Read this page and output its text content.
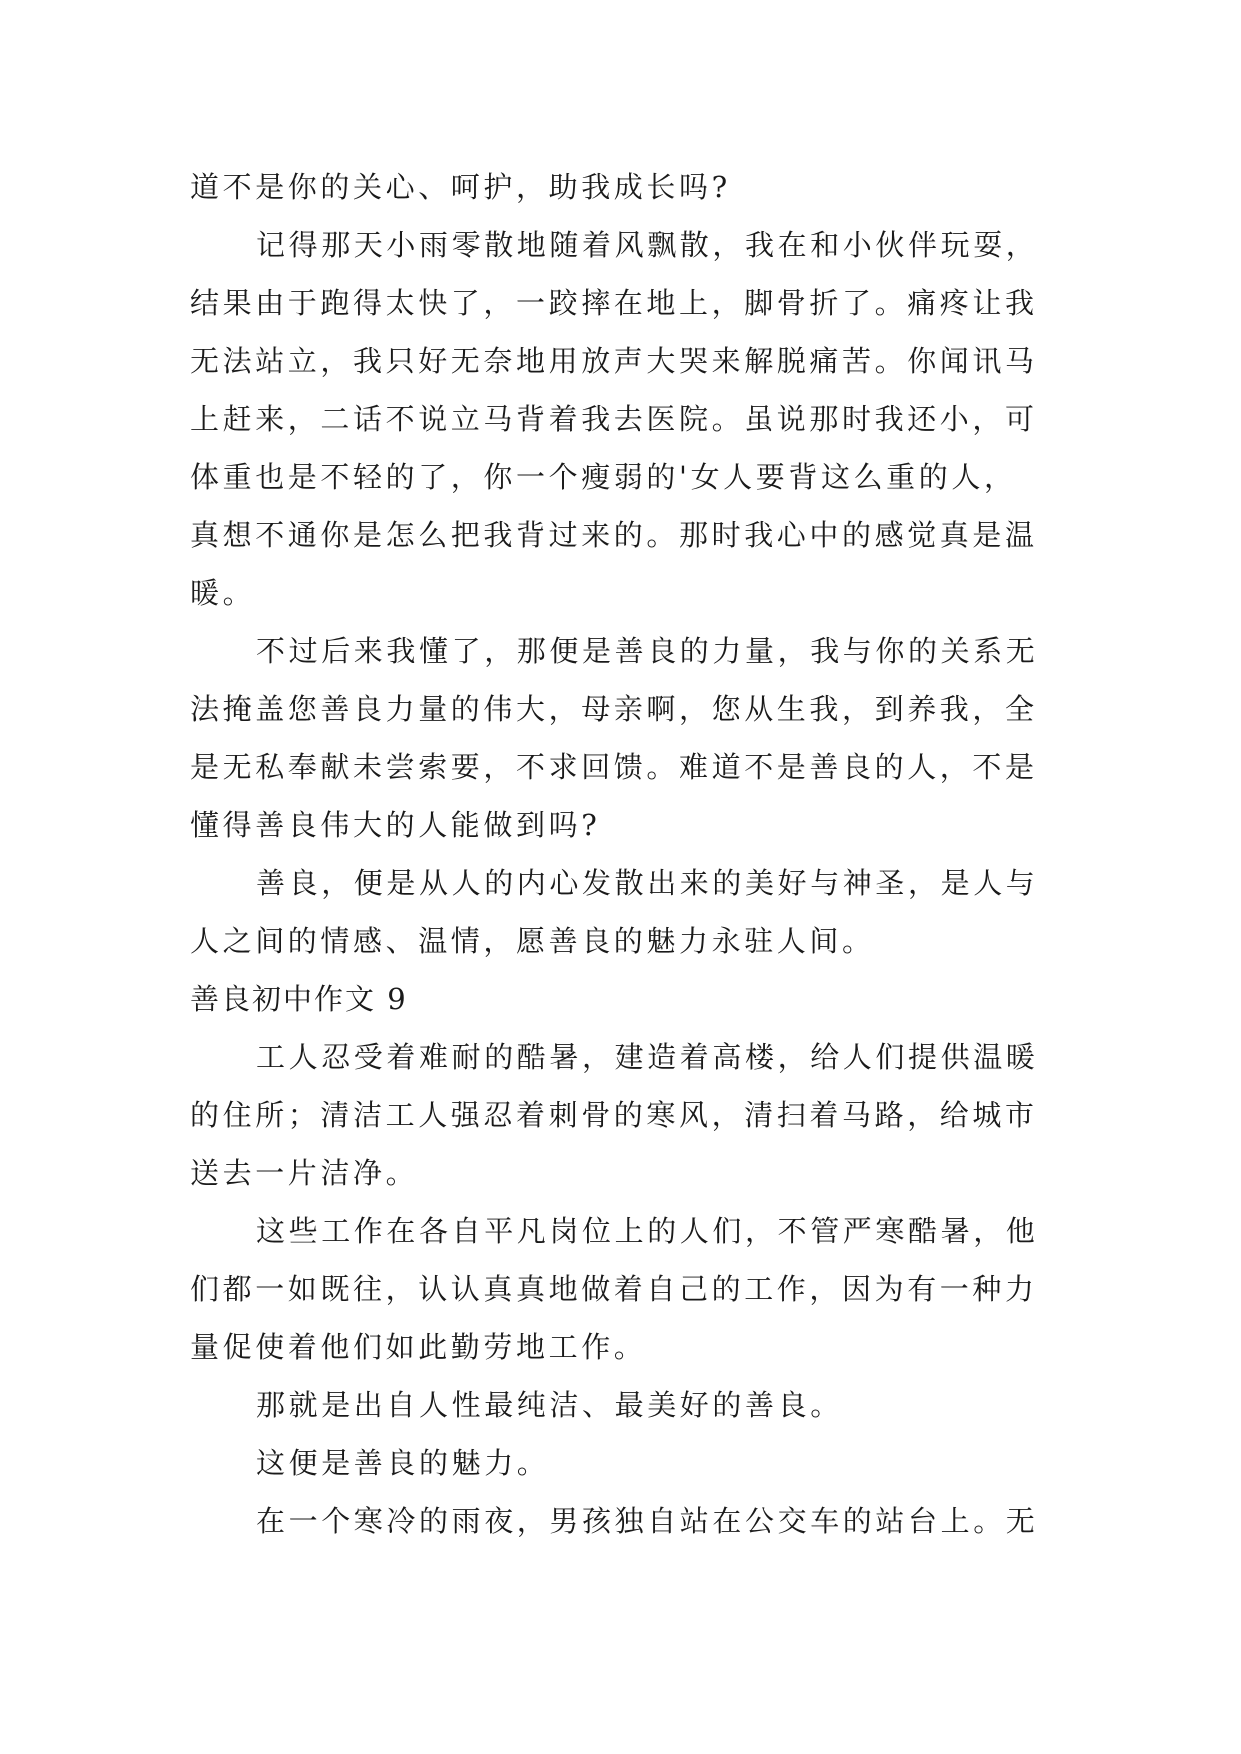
道不是你的关心、呵护，助我成长吗?
记得那天小雨零散地随着风飘散，我在和小伙伴玩耍，
结果由于跑得太快了，一跤摔在地上，脚骨折了。痛疼让我
无法站立，我只好无奈地用放声大哭来解脱痛苦。你闻讯马
上赶来，二话不说立马背着我去医院。虽说那时我还小，可
体重也是不轻的了，你一个瘦弱的'女人要背这么重的人，
真想不通你是怎么把我背过来的。那时我心中的感觉真是温
暖。
不过后来我懂了，那便是善良的力量，我与你的关系无
法掩盖您善良力量的伟大，母亲啊，您从生我，到养我，全
是无私奉献未尝索要，不求回馈。难道不是善良的人，不是
懂得善良伟大的人能做到吗?
善良，便是从人的内心发散出来的美好与神圣，是人与
人之间的情感、温情，愿善良的魅力永驻人间。
善良初中作文 9
工人忍受着难耐的酷暑，建造着高楼，给人们提供温暖
的住所；清洁工人强忍着刺骨的寒风，清扫着马路，给城市
送去一片洁净。
这些工作在各自平凡岗位上的人们，不管严寒酷暑，他
们都一如既往，认认真真地做着自己的工作，因为有一种力
量促使着他们如此勤劳地工作。
那就是出自人性最纯洁、最美好的善良。
这便是善良的魅力。
在一个寒冷的雨夜，男孩独自站在公交车的站台上。无
